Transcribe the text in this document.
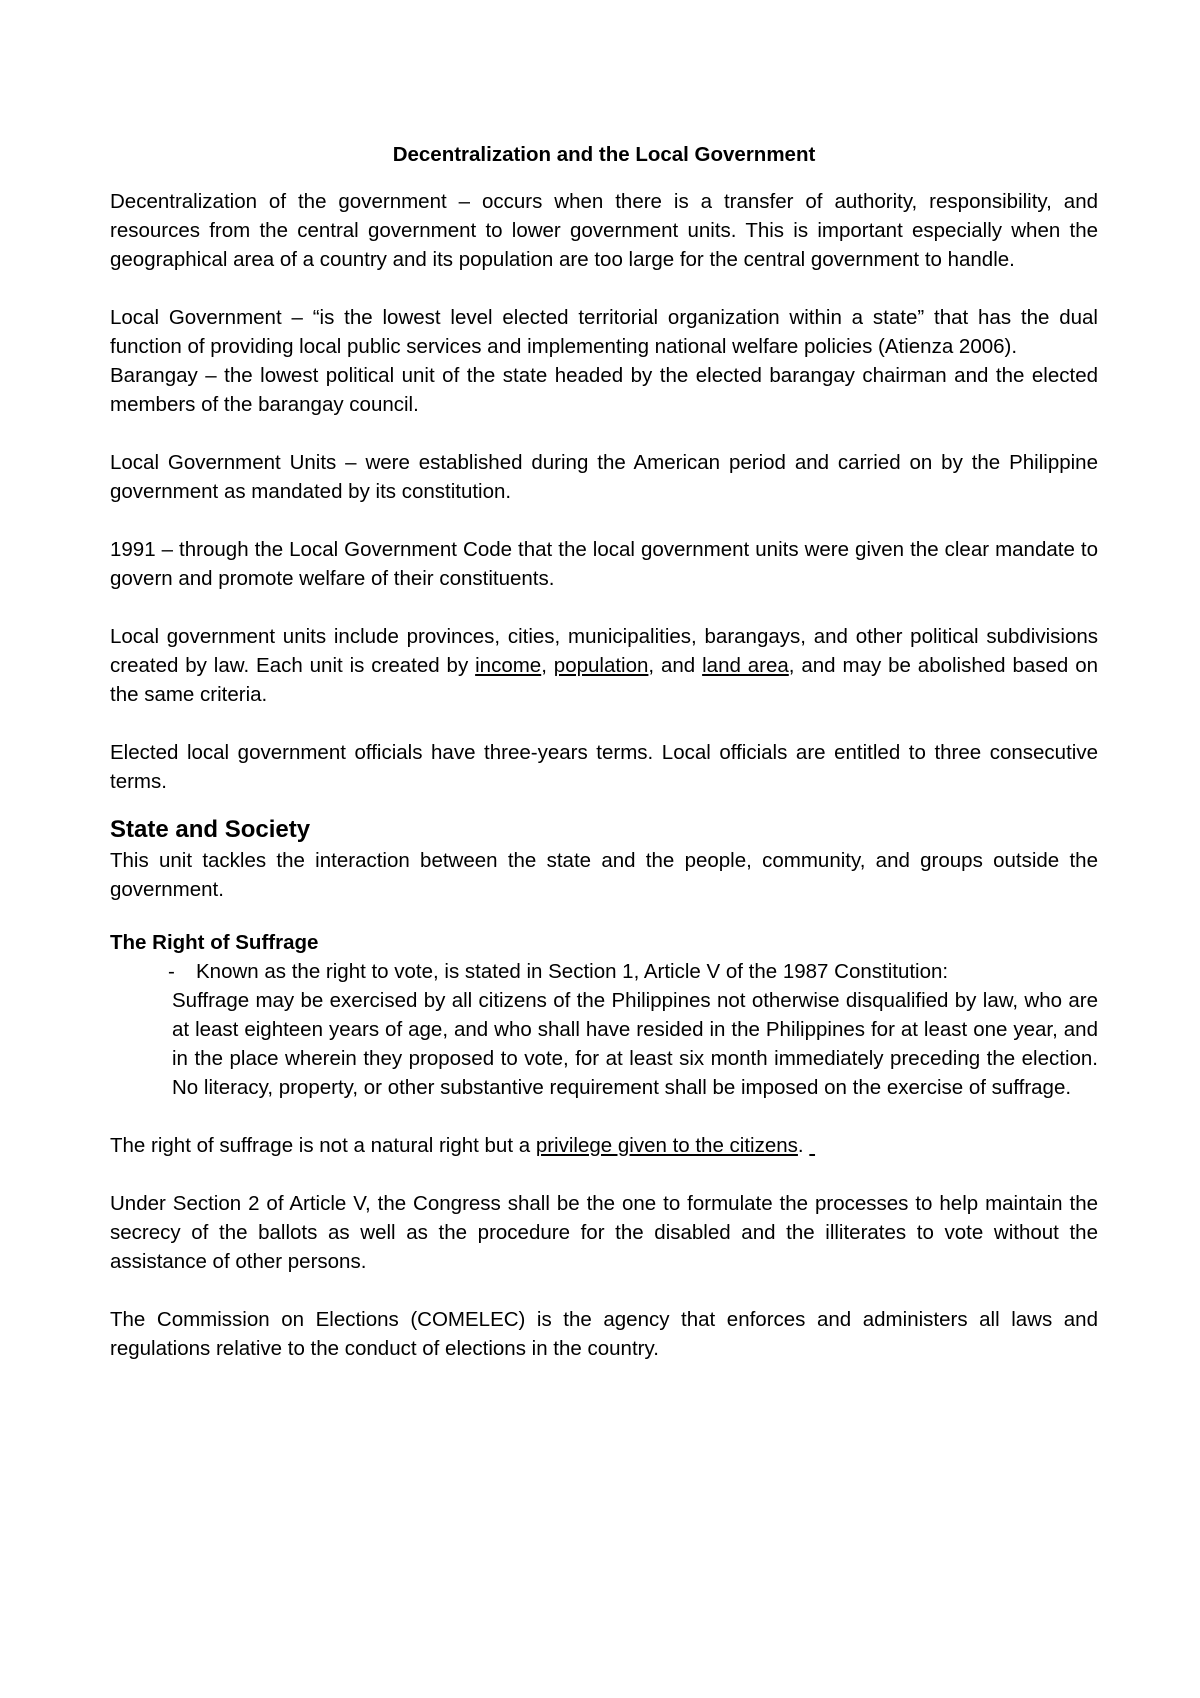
Decentralization and the Local Government

Decentralization of the government – occurs when there is a transfer of authority, responsibility, and resources from the central government to lower government units. This is important especially when the geographical area of a country and its population are too large for the central government to handle.

Local Government – “is the lowest level elected territorial organization within a state” that has the dual function of providing local public services and implementing national welfare policies (Atienza 2006).

Barangay – the lowest political unit of the state headed by the elected barangay chairman and the elected members of the barangay council.

Local Government Units – were established during the American period and carried on by the Philippine government as mandated by its constitution.

1991 – through the Local Government Code that the local government units were given the clear mandate to govern and promote welfare of their constituents.

Local government units include provinces, cities, municipalities, barangays, and other political subdivisions created by law. Each unit is created by income, population, and land area, and may be abolished based on the same criteria.

Elected local government officials have three-years terms. Local officials are entitled to three consecutive terms.

State and Society

This unit tackles the interaction between the state and the people, community, and groups outside the government.

The Right of Suffrage
-	Known as the right to vote, is stated in Section 1, Article V of the 1987 Constitution:

Suffrage may be exercised by all citizens of the Philippines not otherwise disqualified by law, who are at least eighteen years of age, and who shall have resided in the Philippines for at least one year, and in the place wherein they proposed to vote, for at least six month immediately preceding the election. No literacy, property, or other substantive requirement shall be imposed on the exercise of suffrage.

The right of suffrage is not a natural right but a privilege given to the citizens.

Under Section 2 of Article V, the Congress shall be the one to formulate the processes to help maintain the secrecy of the ballots as well as the procedure for the disabled and the illiterates to vote without the assistance of other persons.

The Commission on Elections (COMELEC) is the agency that enforces and administers all laws and regulations relative to the conduct of elections in the country.
